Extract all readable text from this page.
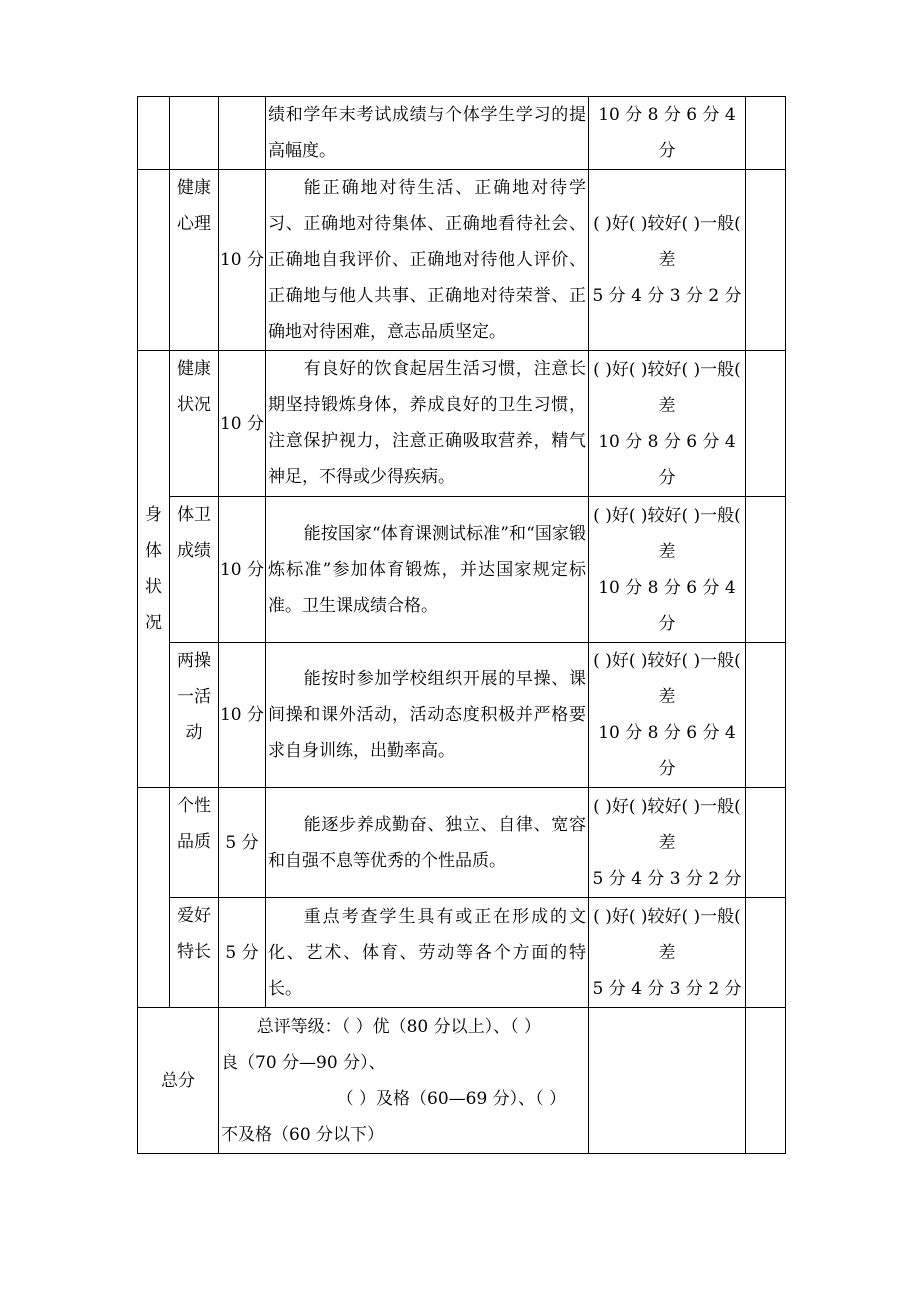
			绩和学年末考试成绩与个体学生学习的提高幅度。	10 分 8 分 6 分 4 分	
	健康心理	10 分	能正确地对待生活、正确地对待学习、正确地对待集体、正确地看待社会、正确地自我评价、正确地对待他人评价、正确地与他人共事、正确地对待荣誉、正确地对待困难，意志品质坚定。	( )好( )较好( )一般( 差
5 分 4 分 3 分 2 分	

身体状况	健康状况	10 分	有良好的饮食起居生活习惯，注意长期坚持锻炼身体，养成良好的卫生习惯，注意保护视力，注意正确吸取营养，精气神足，不得或少得疾病。	( )好( )较好( )一般( 差
10 分 8 分 6 分 4 分	

	体卫成绩	10 分	能按国家“体育课测试标准”和“国家锻炼标准”参加体育锻炼，并达国家规定标准。卫生课成绩合格。	( )好( )较好( )一般( 差
10 分 8 分 6 分 4 分	

	两操一活动	10 分	能按时参加学校组织开展的早操、课间操和课外活动，活动态度积极并严格要求自身训练，出勤率高。	( )好( )较好( )一般( 差
10 分 8 分 6 分 4 分	

	个性品质	5 分	能逐步养成勤奋、独立、自律、宽容和自强不息等优秀的个性品质。	( )好( )较好( )一般( 差
5 分 4 分 3 分 2 分	

	爱好特长	5 分	重点考查学生具有或正在形成的文化、艺术、体育、劳动等各个方面的特长。	( )好( )较好( )一般( 差
5 分 4 分 3 分 2 分	

总分		总评等级：（ ）优（80 分以上）、（ ）
良（70 分—90 分）、
（ ）及格（60—69 分）、（ ）
不及格（60 分以下）			
